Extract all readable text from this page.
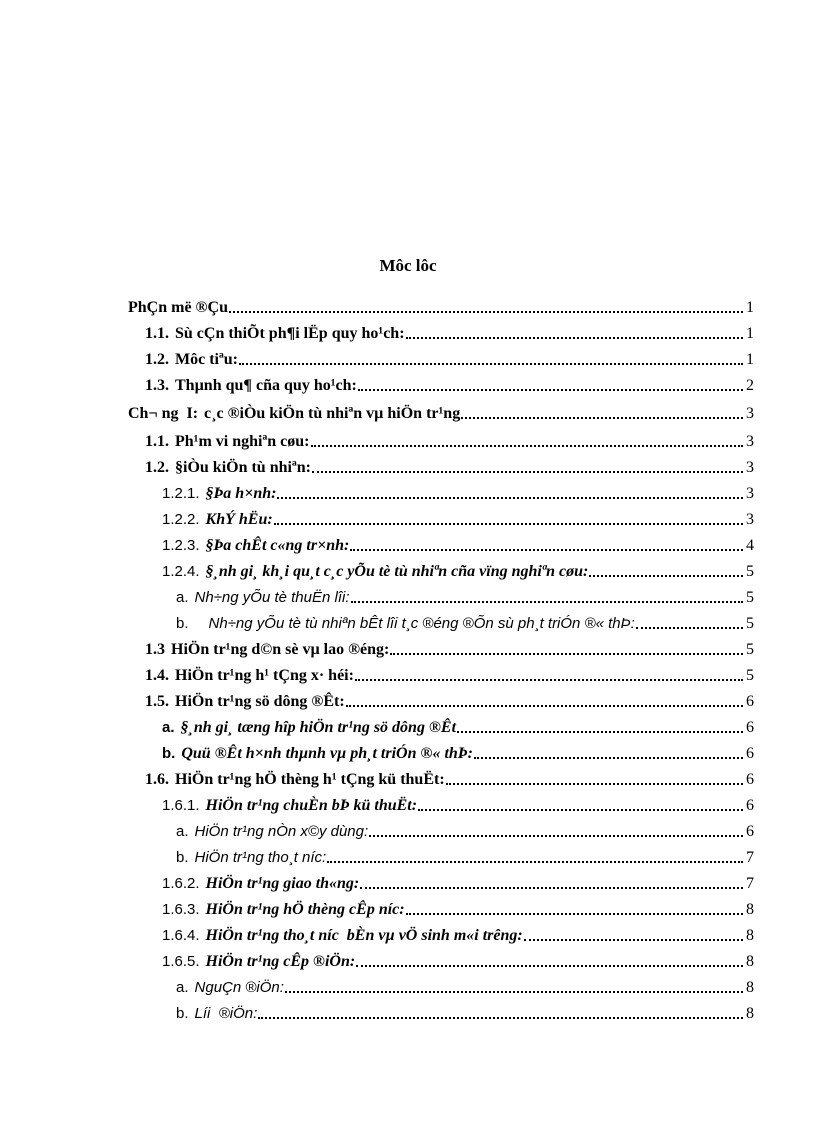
Môc lôc
PhÇn më ®Çu	1
1.1. Sù cÇn thiÕt ph¶i lËp quy ho¹ch:	1
1.2. Môc tiªu:	1
1.3. Thµnh qu¶ cña quy ho¹ch:	2
Ch¬ ng  I: c¸c ®iÒu kiÖn tù nhiªn vµ hiÖn tr¹ng	3
1.1. Ph¹m vi nghiªn cøu:	3
1.2. §iÒu kiÖn tù nhiªn:	3
1.2.1. §Þa h×nh:	3
1.2.2. KhÝ hËu:	3
1.2.3. §Þa chÊt c«ng tr×nh:	4
1.2.4. §¸nh gi¸ kh¸i qu¸t c¸c yÕu tè tù nhiªn cña vïng nghiªn cøu:	5
a. Nh÷ng yÕu tè thuËn lîi:	5
b. Nh÷ng yÕu tè tù nhiªn bÊt lîi t¸c ®éng ®Õn sù ph¸t triÓn ®« thÞ:	5
1.3 HiÖn tr¹ng d©n sè vµ lao ®éng:	5
1.4. HiÖn tr¹ng h¹ tÇng x· héi:	5
1.5. HiÖn tr¹ng sö dông ®Êt:	6
a. §¸nh gi¸ tæng hîp hiÖn tr¹ng sö dông ®Êt	6
b. Quü ®Êt h×nh thµnh vµ ph¸t triÓn ®« thÞ:	6
1.6. HiÖn tr¹ng hÖ thèng h¹ tÇng kü thuËt:	6
1.6.1. HiÖn tr¹ng chuÈn bÞ kü thuËt:	6
a. HiÖn tr¹ng nÒn x©y dùng:	6
b. HiÖn tr¹ng tho¸t níc:	7
1.6.2. HiÖn tr¹ng giao th«ng:	7
1.6.3. HiÖn tr¹ng hÖ thèng cÊp níc:	8
1.6.4. HiÖn tr¹ng tho¸t níc  bÈn vµ vÖ sinh m«i trêng:	8
1.6.5. HiÖn tr¹ng cÊp ®iÖn:	8
a. NguÇn ®iÖn:	8
b. Líi  ®iÖn:	8
